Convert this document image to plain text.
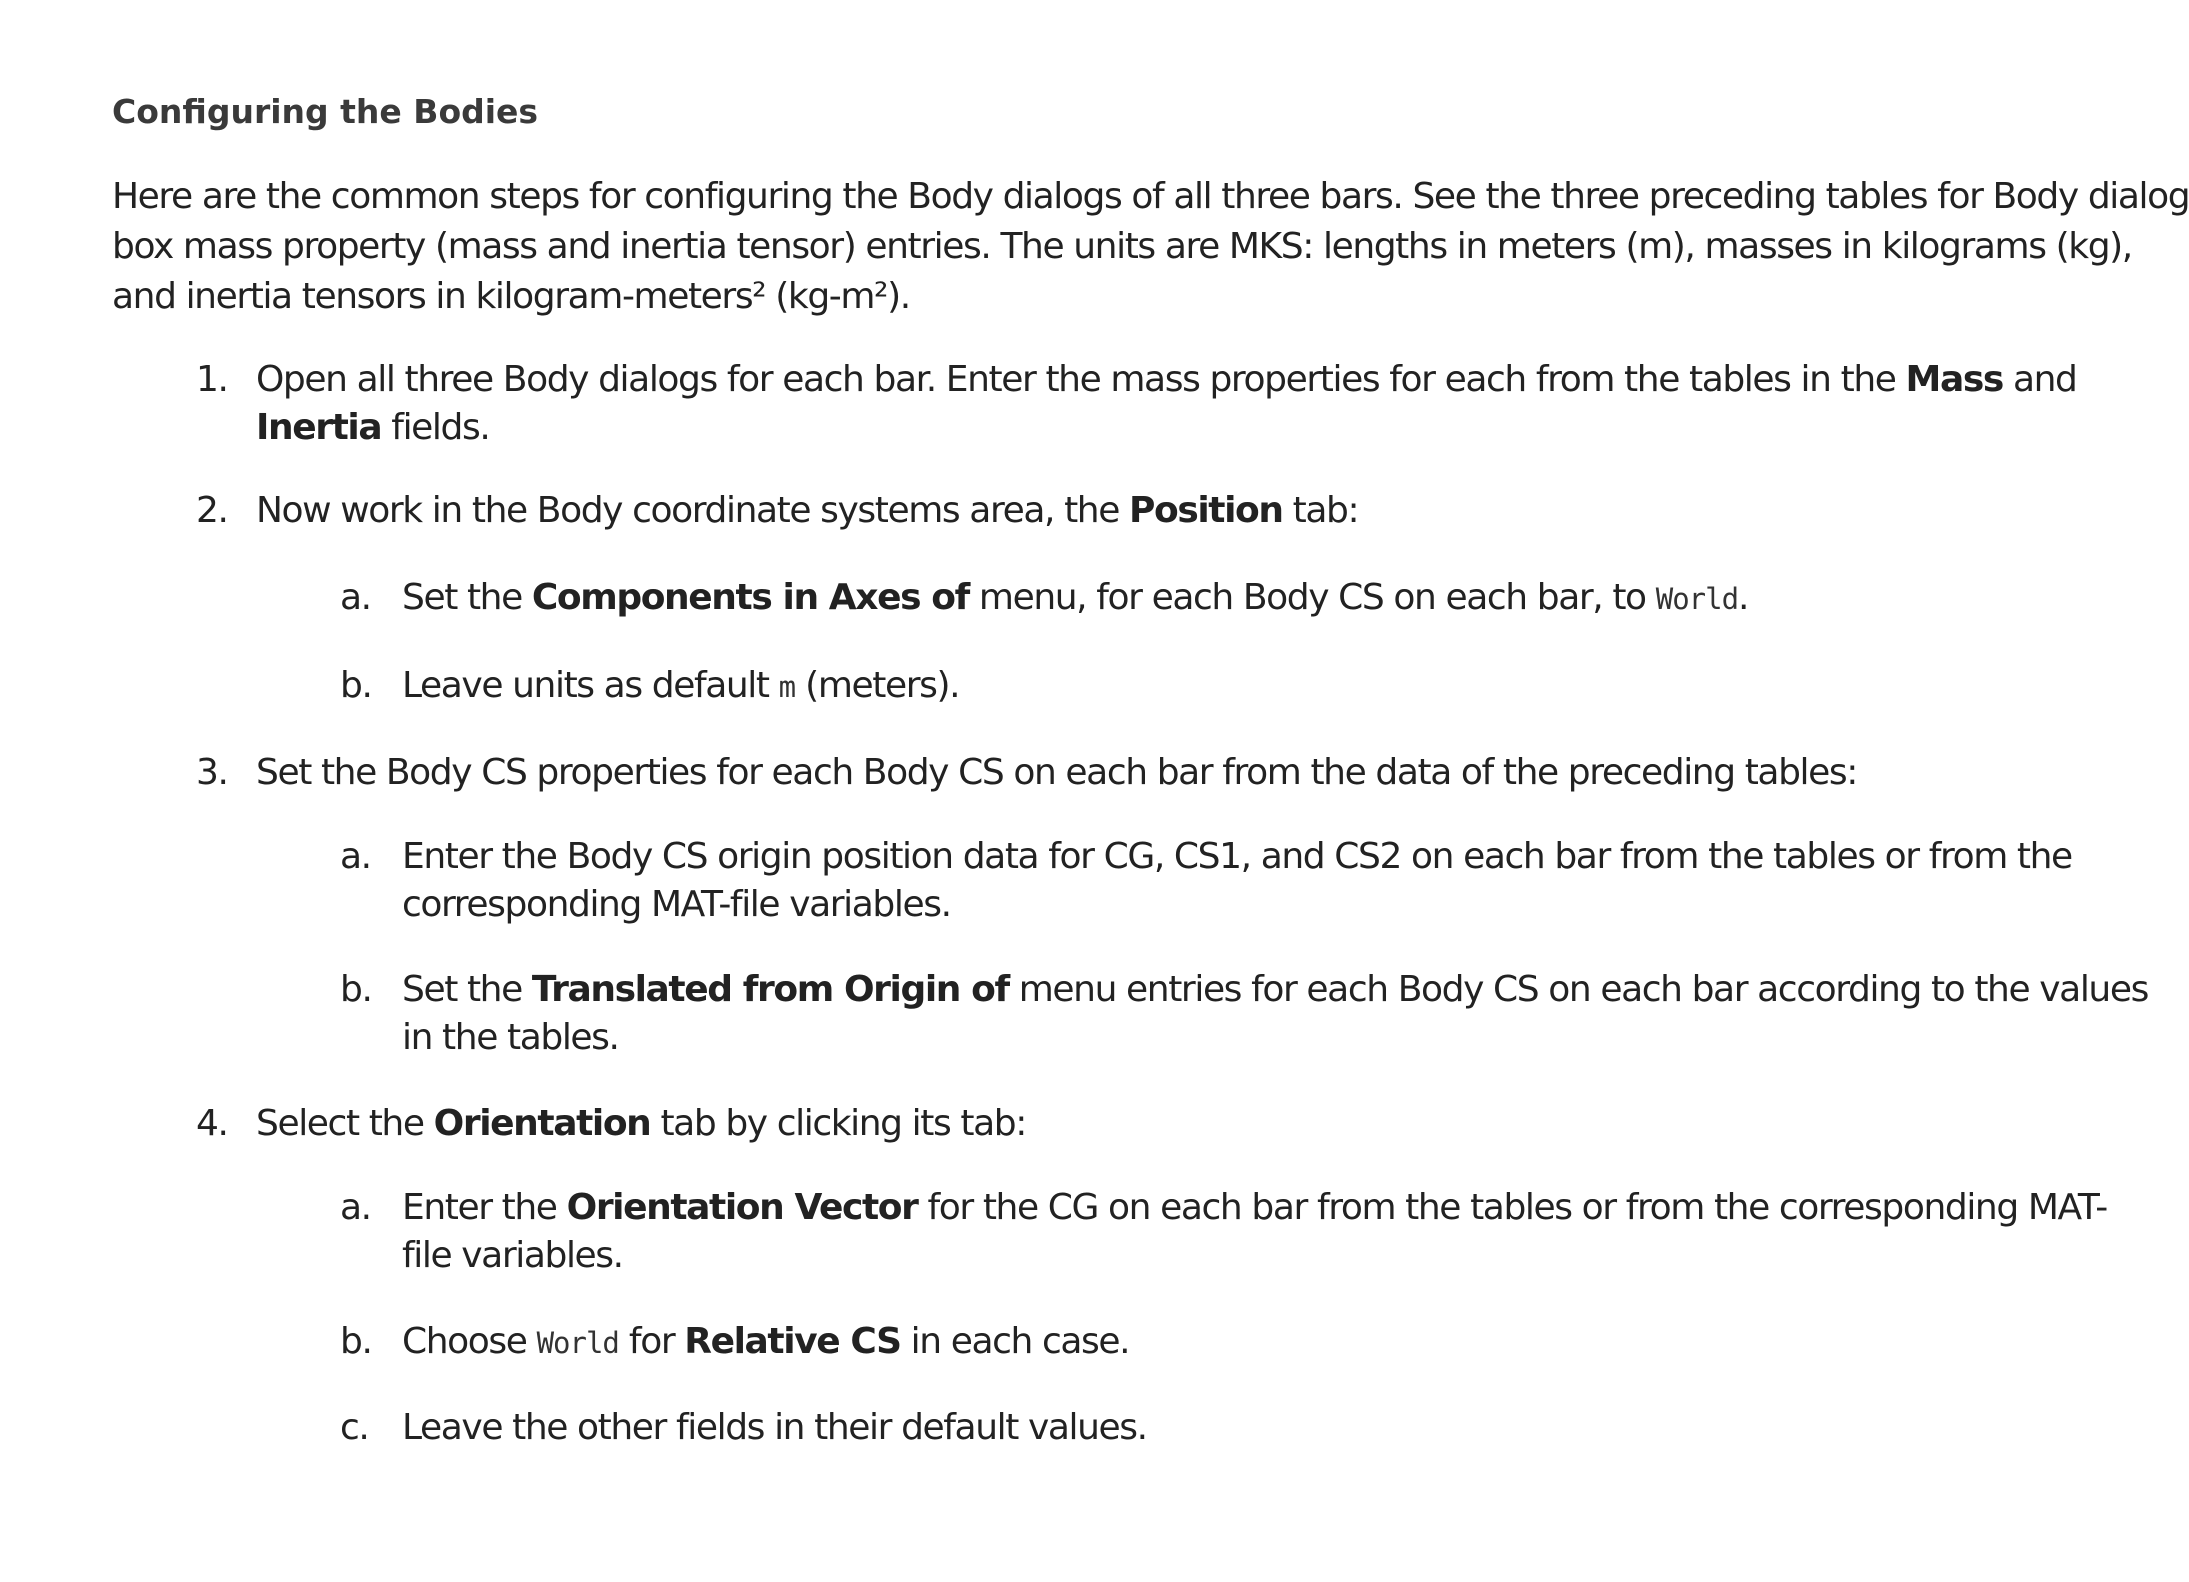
Configuring the Bodies

Here are the common steps for configuring the Body dialogs of all three bars. See the three preceding tables for Body dialog
box mass property (mass and inertia tensor) entries. The units are MKS: lengths in meters (m), masses in kilograms (kg),
and inertia tensors in kilogram-meters² (kg-m²).

1. Open all three Body dialogs for each bar. Enter the mass properties for each from the tables in the Mass and
Inertia fields.
2. Now work in the Body coordinate systems area, the Position tab:
a. Set the Components in Axes of menu, for each Body CS on each bar, to World.
b. Leave units as default m (meters).
3. Set the Body CS properties for each Body CS on each bar from the data of the preceding tables:
a. Enter the Body CS origin position data for CG, CS1, and CS2 on each bar from the tables or from the
corresponding MAT-file variables.
b. Set the Translated from Origin of menu entries for each Body CS on each bar according to the values
in the tables.
4. Select the Orientation tab by clicking its tab:
a. Enter the Orientation Vector for the CG on each bar from the tables or from the corresponding MAT-
file variables.
b. Choose World for Relative CS in each case.
c. Leave the other fields in their default values.
